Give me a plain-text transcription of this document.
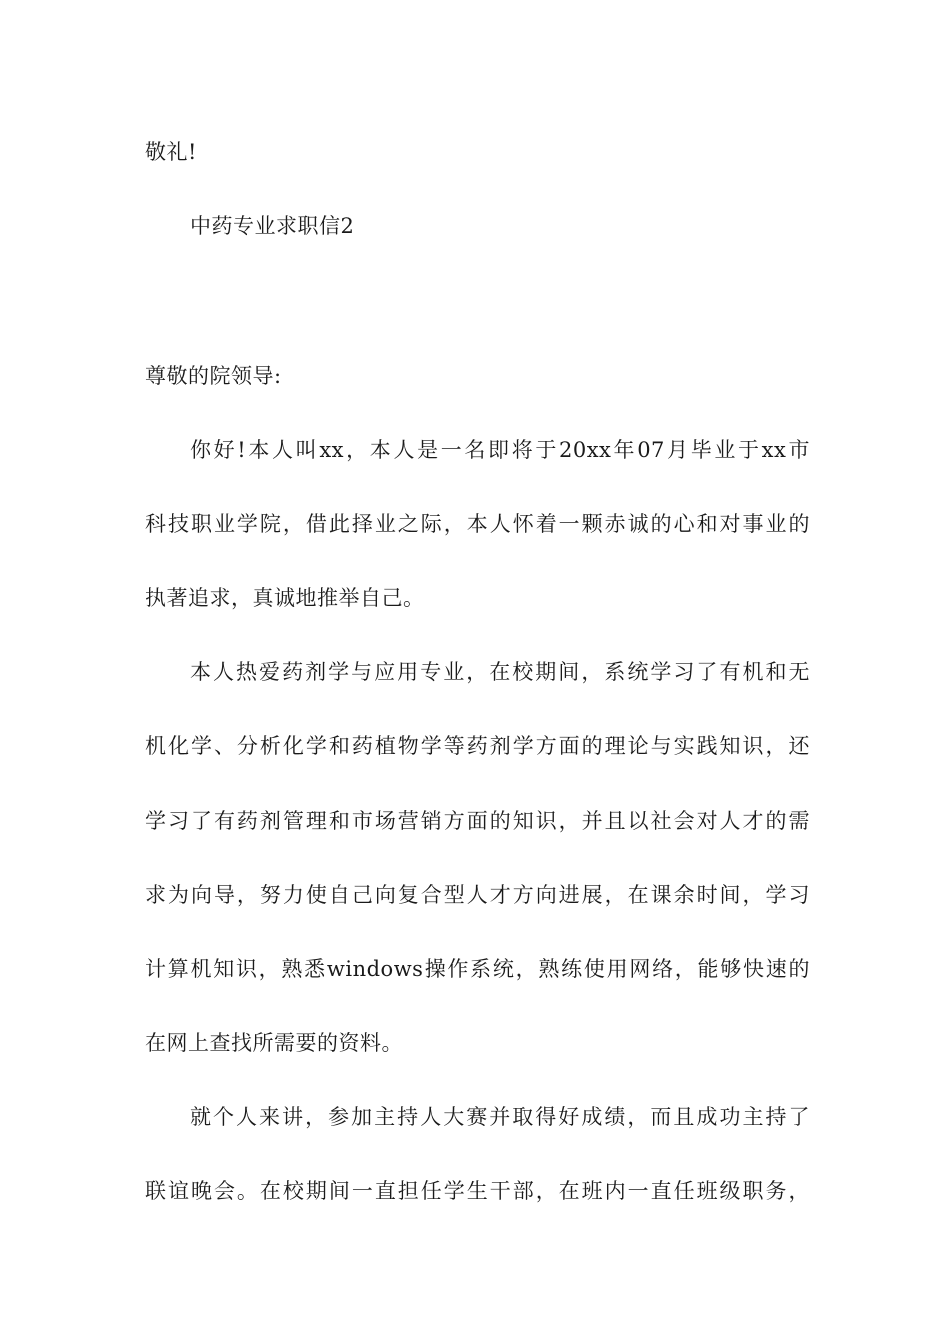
敬礼!
中药专业求职信2
尊敬的院领导:
你好!本人叫xx，本人是一名即将于20xx年07月毕业于xx市
科技职业学院，借此择业之际，本人怀着一颗赤诚的心和对事业的
执著追求，真诚地推举自己。
本人热爱药剂学与应用专业，在校期间，系统学习了有机和无
机化学、分析化学和药植物学等药剂学方面的理论与实践知识，还
学习了有药剂管理和市场营销方面的知识，并且以社会对人才的需
求为向导，努力使自己向复合型人才方向进展，在课余时间，学习
计算机知识，熟悉windows操作系统，熟练使用网络，能够快速的
在网上查找所需要的资料。
就个人来讲，参加主持人大赛并取得好成绩，而且成功主持了
联谊晚会。在校期间一直担任学生干部，在班内一直任班级职务，
